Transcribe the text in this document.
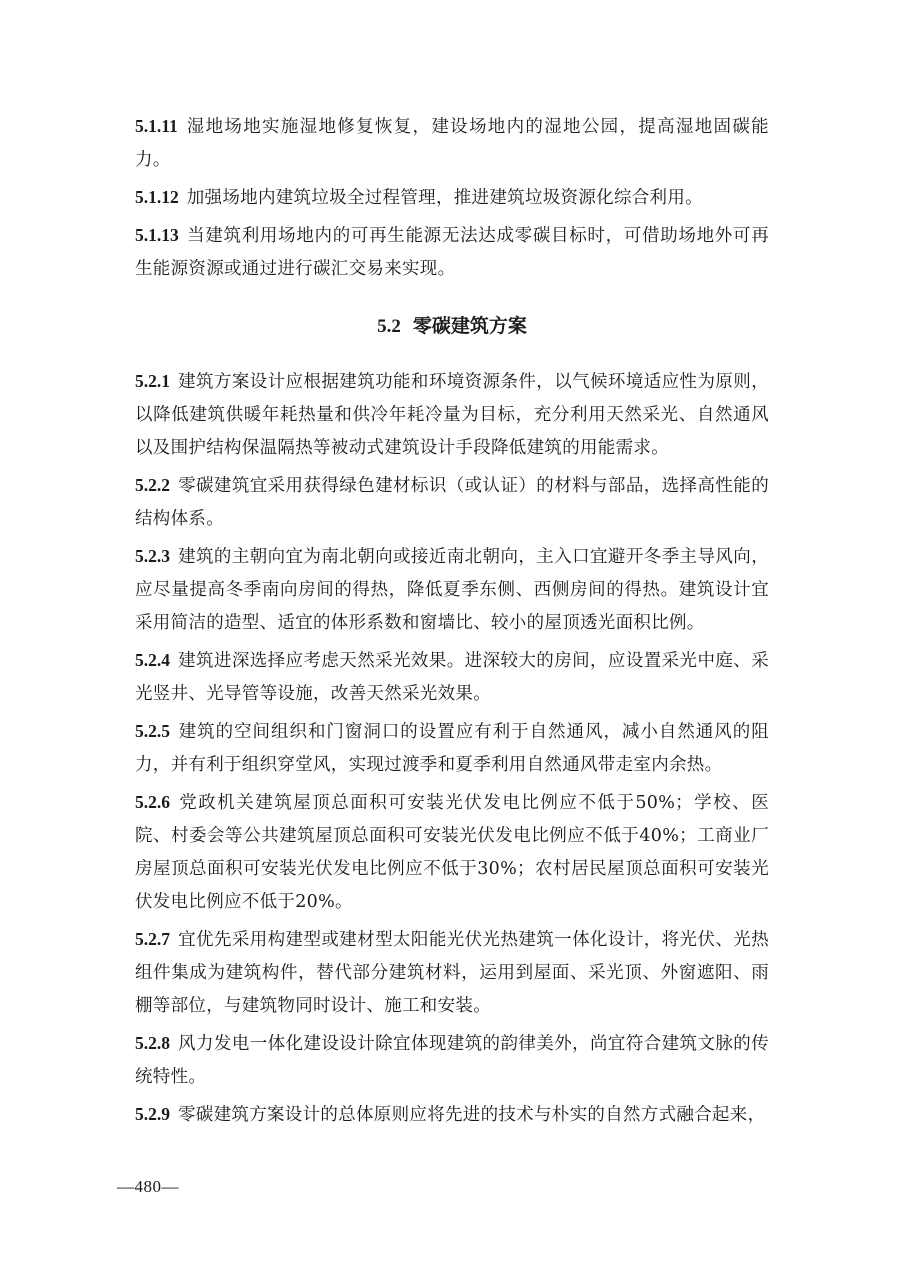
5.1.11 湿地场地实施湿地修复恢复，建设场地内的湿地公园，提高湿地固碳能力。

5.1.12 加强场地内建筑垃圾全过程管理，推进建筑垃圾资源化综合利用。

5.1.13 当建筑利用场地内的可再生能源无法达成零碳目标时，可借助场地外可再生能源资源或通过进行碳汇交易来实现。

5.2 零碳建筑方案

5.2.1 建筑方案设计应根据建筑功能和环境资源条件，以气候环境适应性为原则，以降低建筑供暖年耗热量和供冷年耗冷量为目标，充分利用天然采光、自然通风以及围护结构保温隔热等被动式建筑设计手段降低建筑的用能需求。

5.2.2 零碳建筑宜采用获得绿色建材标识（或认证）的材料与部品，选择高性能的结构体系。

5.2.3 建筑的主朝向宜为南北朝向或接近南北朝向，主入口宜避开冬季主导风向，应尽量提高冬季南向房间的得热，降低夏季东侧、西侧房间的得热。建筑设计宜采用简洁的造型、适宜的体形系数和窗墙比、较小的屋顶透光面积比例。

5.2.4 建筑进深选择应考虑天然采光效果。进深较大的房间，应设置采光中庭、采光竖井、光导管等设施，改善天然采光效果。

5.2.5 建筑的空间组织和门窗洞口的设置应有利于自然通风，减小自然通风的阻力，并有利于组织穿堂风，实现过渡季和夏季利用自然通风带走室内余热。

5.2.6 党政机关建筑屋顶总面积可安装光伏发电比例应不低于50%；学校、医院、村委会等公共建筑屋顶总面积可安装光伏发电比例应不低于40%；工商业厂房屋顶总面积可安装光伏发电比例应不低于30%；农村居民屋顶总面积可安装光伏发电比例应不低于20%。

5.2.7 宜优先采用构建型或建材型太阳能光伏光热建筑一体化设计，将光伏、光热组件集成为建筑构件，替代部分建筑材料，运用到屋面、采光顶、外窗遮阳、雨棚等部位，与建筑物同时设计、施工和安装。

5.2.8 风力发电一体化建设设计除宜体现建筑的韵律美外，尚宜符合建筑文脉的传统特性。

5.2.9 零碳建筑方案设计的总体原则应将先进的技术与朴实的自然方式融合起来，

—480—
